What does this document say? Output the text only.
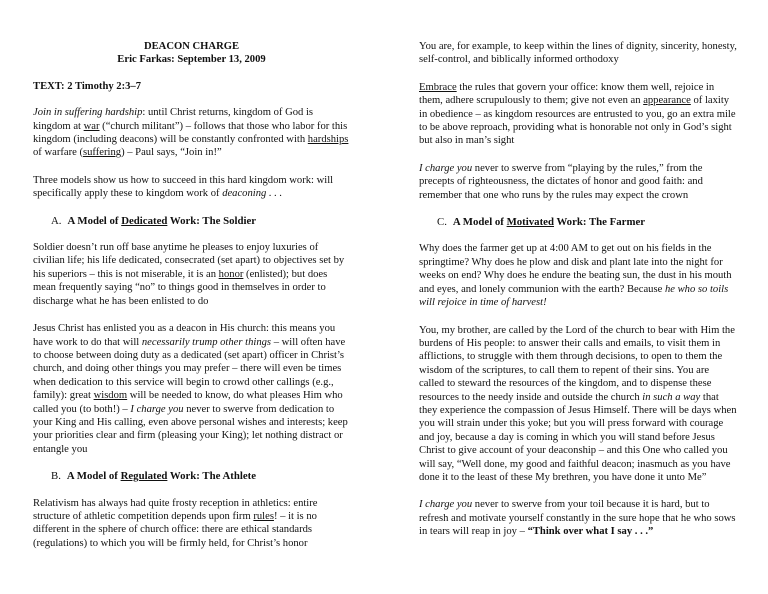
DEACON CHARGE

Eric Farkas: September 13, 2009

TEXT: 2 Timothy 2:3–7

Join in suffering hardship: until Christ returns, kingdom of God is kingdom at war (“church militant”) – follows that those who labor for this kingdom (including deacons) will be constantly confronted with hardships of warfare (suffering) – Paul says, “Join in!”

Three models show us how to succeed in this hard kingdom work: will specifically apply these to kingdom work of deaconing . . .

A. A Model of Dedicated Work: The Soldier

Soldier doesn’t run off base anytime he pleases to enjoy luxuries of civilian life; his life dedicated, consecrated (set apart) to objectives set by his superiors – this is not miserable, it is an honor (enlisted); but does mean frequently saying “no” to things good in themselves in order to discharge what he has been enlisted to do

Jesus Christ has enlisted you as a deacon in His church: this means you have work to do that will necessarily trump other things – will often have to choose between doing duty as a dedicated (set apart) officer in Christ’s church, and doing other things you may prefer – there will even be times when dedication to this service will begin to crowd other callings (e.g., family): great wisdom will be needed to know, do what pleases Him who called you (to both!) – I charge you never to swerve from dedication to your King and His calling, even above personal wishes and interests; keep your priorities clear and firm (pleasing your King); let nothing distract or entangle you

B. A Model of Regulated Work: The Athlete

Relativism has always had quite frosty reception in athletics: entire structure of athletic competition depends upon firm rules! – it is no different in the sphere of church office: there are ethical standards (regulations) to which you will be firmly held, for Christ’s honor

You are, for example, to keep within the lines of dignity, sincerity, honesty, self-control, and biblically informed orthodoxy

Embrace the rules that govern your office: know them well, rejoice in them, adhere scrupulously to them; give not even an appearance of laxity in obedience – as kingdom resources are entrusted to you, go an extra mile to be above reproach, providing what is honorable not only in God’s sight but also in man’s sight

I charge you never to swerve from “playing by the rules,” from the precepts of righteousness, the dictates of honor and good faith: and remember that one who runs by the rules may expect the crown

C. A Model of Motivated Work: The Farmer

Why does the farmer get up at 4:00 AM to get out on his fields in the springtime? Why does he plow and disk and plant late into the night for weeks on end? Why does he endure the beating sun, the dust in his mouth and eyes, and lonely communion with the earth? Because he who so toils will rejoice in time of harvest!

You, my brother, are called by the Lord of the church to bear with Him the burdens of His people: to answer their calls and emails, to visit them in afflictions, to struggle with them through decisions, to open to them the wisdom of the scriptures, to call them to repent of their sins. You are called to steward the resources of the kingdom, and to dispense these resources to the needy inside and outside the church in such a way that they experience the compassion of Jesus Himself. There will be days when you will strain under this yoke; but you will press forward with courage and joy, because a day is coming in which you will stand before Jesus Christ to give account of your deaconship – and this One who called you will say, “Well done, my good and faithful deacon; inasmuch as you have done it to the least of these My brethren, you have done it unto Me”

I charge you never to swerve from your toil because it is hard, but to refresh and motivate yourself constantly in the sure hope that he who sows in tears will reap in joy – “Think over what I say . . .”
